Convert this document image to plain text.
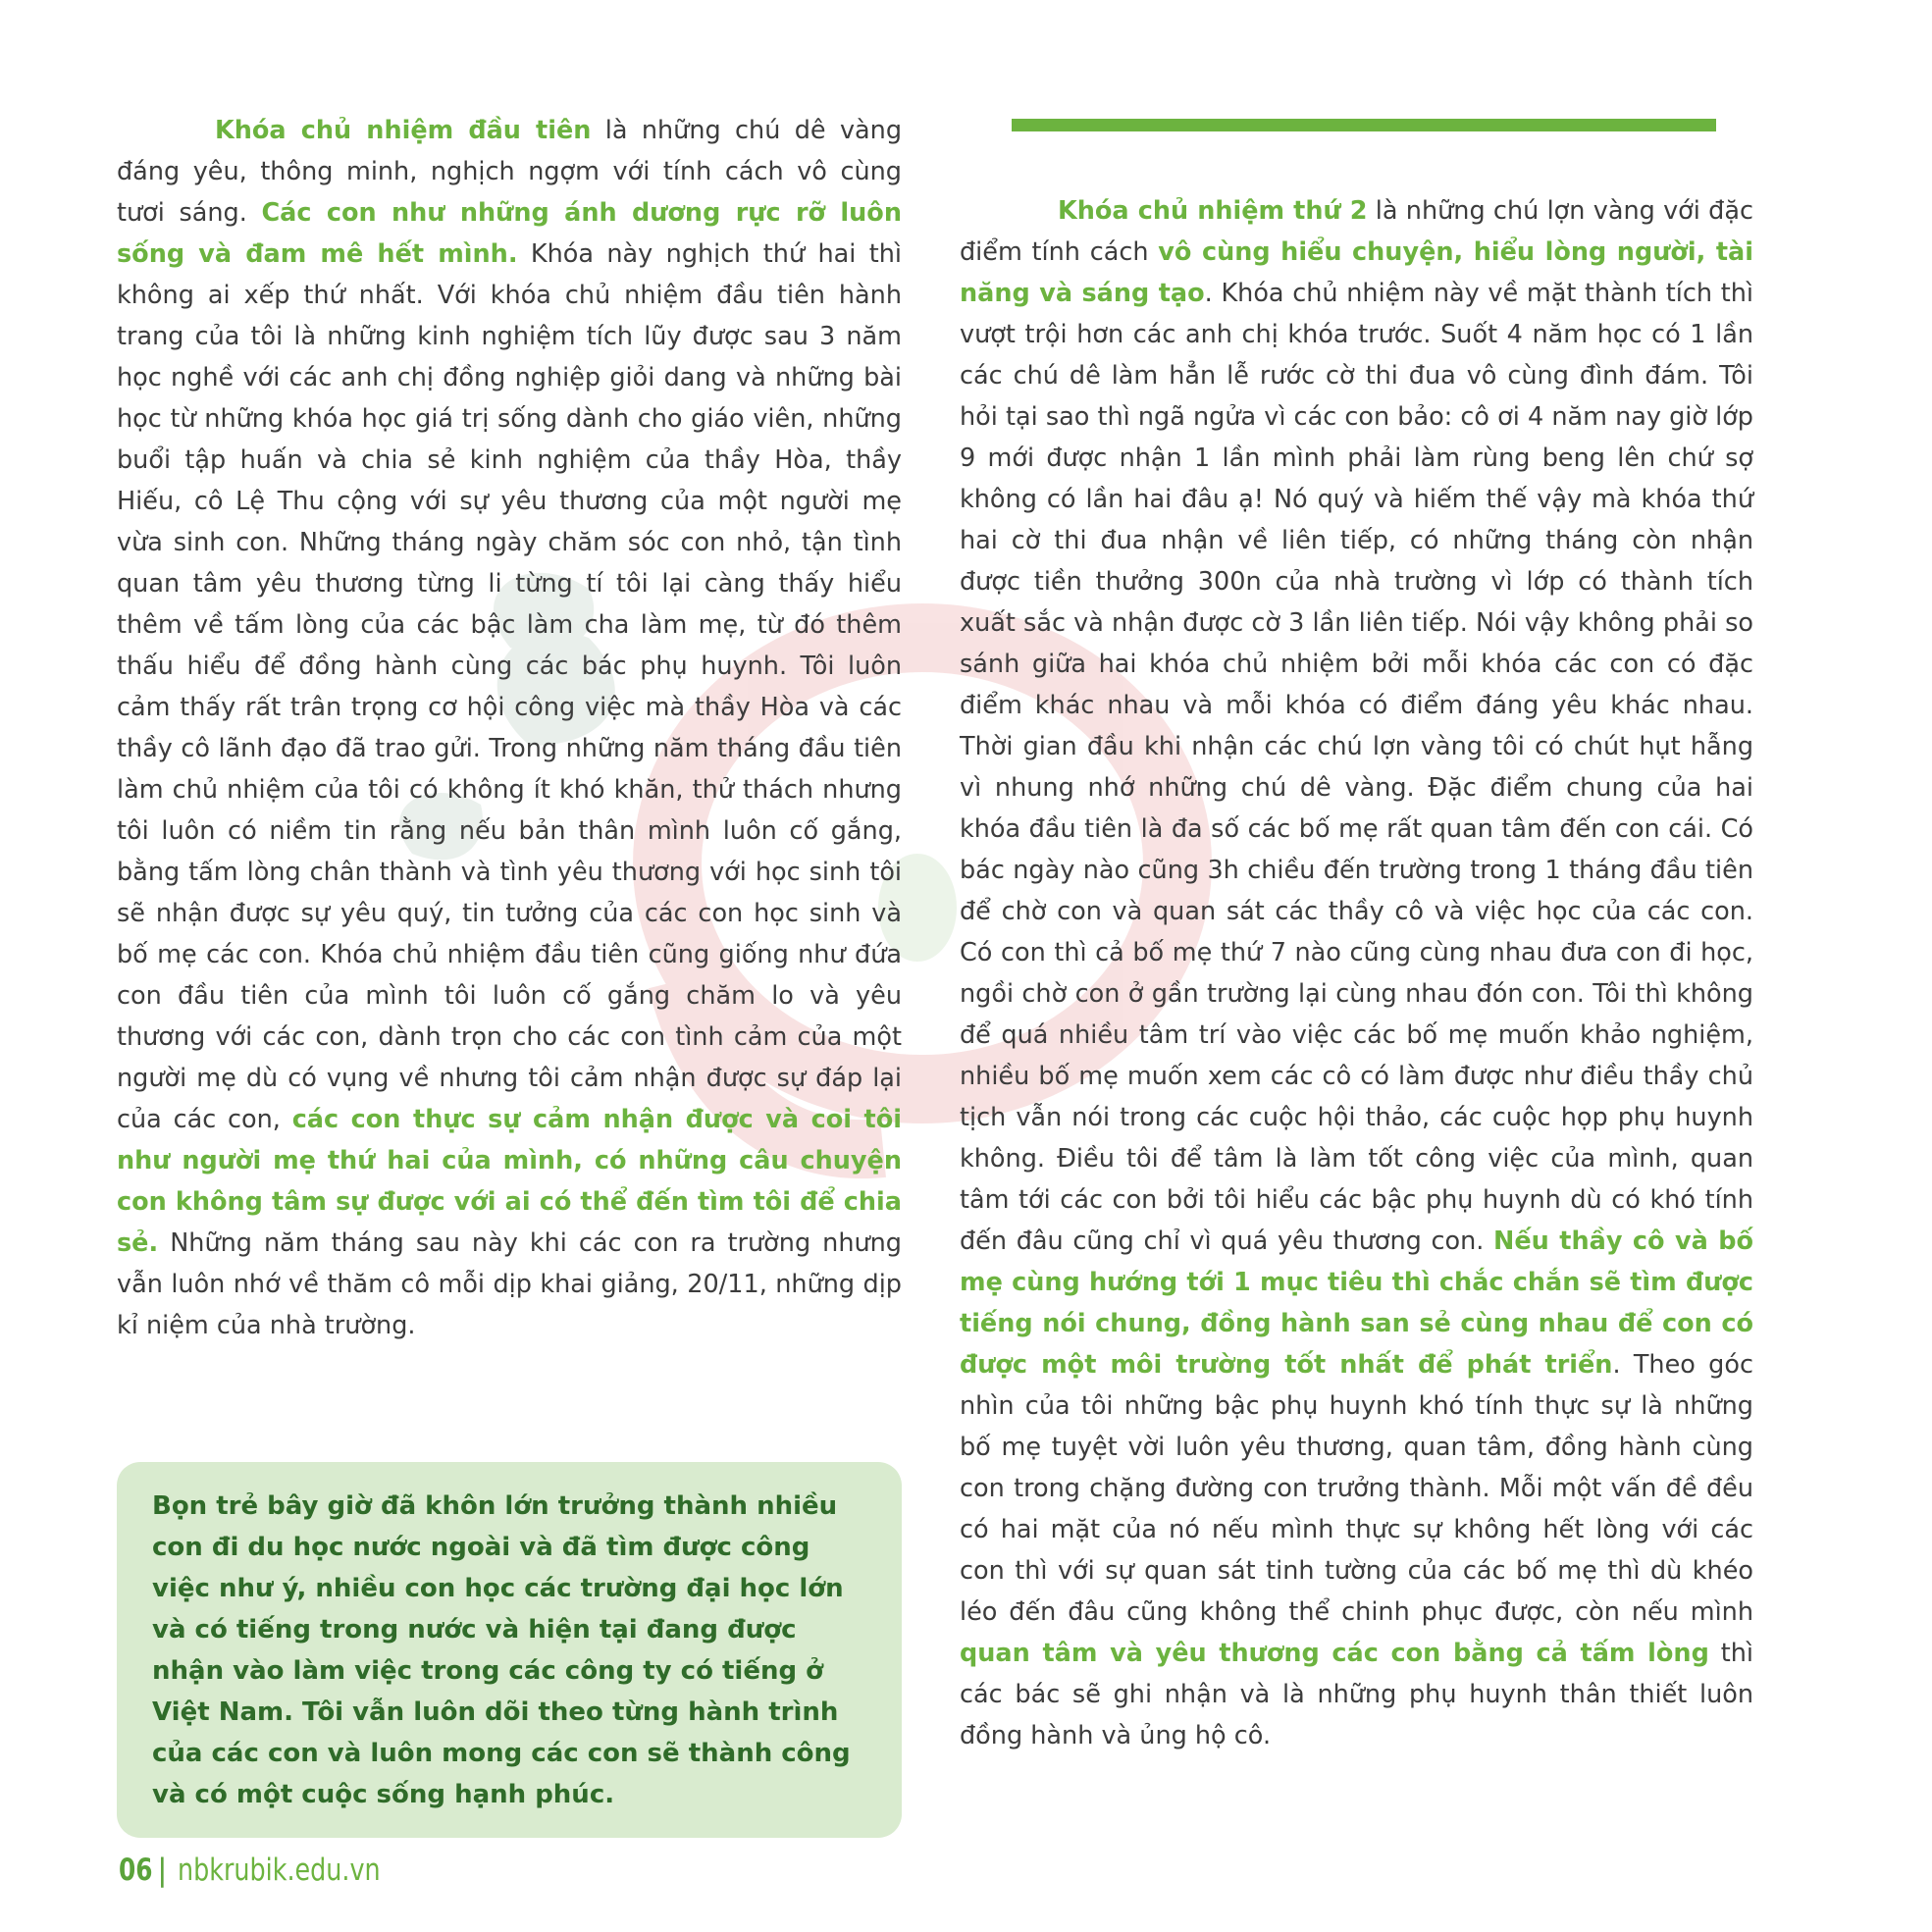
Khóa chủ nhiệm đầu tiên là những chú dê vàng đáng yêu, thông minh, nghịch ngợm với tính cách vô cùng tươi sáng. Các con như những ánh dương rực rỡ luôn sống và đam mê hết mình. Khóa này nghịch thứ hai thì không ai xếp thứ nhất. Với khóa chủ nhiệm đầu tiên hành trang của tôi là những kinh nghiệm tích lũy được sau 3 năm học nghề với các anh chị đồng nghiệp giỏi dang và những bài học từ những khóa học giá trị sống dành cho giáo viên, những buổi tập huấn và chia sẻ kinh nghiệm của thầy Hòa, thầy Hiếu, cô Lệ Thu cộng với sự yêu thương của một người mẹ vừa sinh con. Những tháng ngày chăm sóc con nhỏ, tận tình quan tâm yêu thương từng li từng tí tôi lại càng thấy hiểu thêm về tấm lòng của các bậc làm cha làm mẹ, từ đó thêm thấu hiểu để đồng hành cùng các bác phụ huynh. Tôi luôn cảm thấy rất trân trọng cơ hội công việc mà thầy Hòa và các thầy cô lãnh đạo đã trao gửi. Trong những năm tháng đầu tiên làm chủ nhiệm của tôi có không ít khó khăn, thử thách nhưng tôi luôn có niềm tin rằng nếu bản thân mình luôn cố gắng, bằng tấm lòng chân thành và tình yêu thương với học sinh tôi sẽ nhận được sự yêu quý, tin tưởng của các con học sinh và bố mẹ các con. Khóa chủ nhiệm đầu tiên cũng giống như đứa con đầu tiên của mình tôi luôn cố gắng chăm lo và yêu thương với các con, dành trọn cho các con tình cảm của một người mẹ dù có vụng về nhưng tôi cảm nhận được sự đáp lại của các con, các con thực sự cảm nhận được và coi tôi như người mẹ thứ hai của mình, có những câu chuyện con không tâm sự được với ai có thể đến tìm tôi để chia sẻ. Những năm tháng sau này khi các con ra trường nhưng vẫn luôn nhớ về thăm cô mỗi dịp khai giảng, 20/11, những dịp kỉ niệm của nhà trường.

Khóa chủ nhiệm thứ 2 là những chú lợn vàng với đặc điểm tính cách vô cùng hiểu chuyện, hiểu lòng người, tài năng và sáng tạo. Khóa chủ nhiệm này về mặt thành tích thì vượt trội hơn các anh chị khóa trước. Suốt 4 năm học có 1 lần các chú dê làm hẳn lễ rước cờ thi đua vô cùng đình đám. Tôi hỏi tại sao thì ngã ngửa vì các con bảo: cô ơi 4 năm nay giờ lớp 9 mới được nhận 1 lần mình phải làm rùng beng lên chứ sợ không có lần hai đâu ạ! Nó quý và hiếm thế vậy mà khóa thứ hai cờ thi đua nhận về liên tiếp, có những tháng còn nhận được tiền thưởng 300n của nhà trường vì lớp có thành tích xuất sắc và nhận được cờ 3 lần liên tiếp. Nói vậy không phải so sánh giữa hai khóa chủ nhiệm bởi mỗi khóa các con có đặc điểm khác nhau và mỗi khóa có điểm đáng yêu khác nhau. Thời gian đầu khi nhận các chú lợn vàng tôi có chút hụt hẫng vì nhung nhớ những chú dê vàng. Đặc điểm chung của hai khóa đầu tiên là đa số các bố mẹ rất quan tâm đến con cái. Có bác ngày nào cũng 3h chiều đến trường trong 1 tháng đầu tiên để chờ con và quan sát các thầy cô và việc học của các con. Có con thì cả bố mẹ thứ 7 nào cũng cùng nhau đưa con đi học, ngồi chờ con ở gần trường lại cùng nhau đón con. Tôi thì không để quá nhiều tâm trí vào việc các bố mẹ muốn khảo nghiệm, nhiều bố mẹ muốn xem các cô có làm được như điều thầy chủ tịch vẫn nói trong các cuộc hội thảo, các cuộc họp phụ huynh không. Điều tôi để tâm là làm tốt công việc của mình, quan tâm tới các con bởi tôi hiểu các bậc phụ huynh dù có khó tính đến đâu cũng chỉ vì quá yêu thương con. Nếu thầy cô và bố mẹ cùng hướng tới 1 mục tiêu thì chắc chắn sẽ tìm được tiếng nói chung, đồng hành san sẻ cùng nhau để con có được một môi trường tốt nhất để phát triển. Theo góc nhìn của tôi những bậc phụ huynh khó tính thực sự là những bố mẹ tuyệt vời luôn yêu thương, quan tâm, đồng hành cùng con trong chặng đường con trưởng thành. Mỗi một vấn đề đều có hai mặt của nó nếu mình thực sự không hết lòng với các con thì với sự quan sát tinh tường của các bố mẹ thì dù khéo léo đến đâu cũng không thể chinh phục được, còn nếu mình quan tâm và yêu thương các con bằng cả tấm lòng thì các bác sẽ ghi nhận và là những phụ huynh thân thiết luôn đồng hành và ủng hộ cô.

Bọn trẻ bây giờ đã khôn lớn trưởng thành nhiều con đi du học nước ngoài và đã tìm được công việc như ý, nhiều con học các trường đại học lớn và có tiếng trong nước và hiện tại đang được nhận vào làm việc trong các công ty có tiếng ở Việt Nam. Tôi vẫn luôn dõi theo từng hành trình của các con và luôn mong các con sẽ thành công và có một cuộc sống hạnh phúc.

06 | nbkrubik.edu.vn
